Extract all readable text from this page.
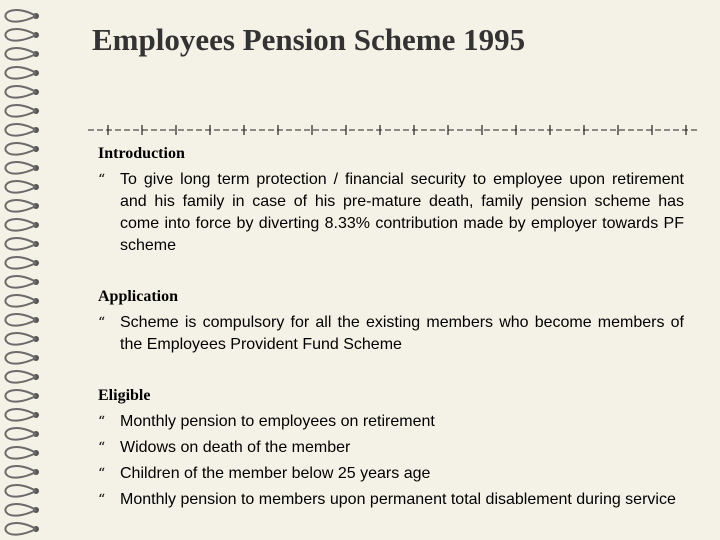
Employees Pension Scheme 1995
Introduction
“ To give long term protection / financial security to employee upon retirement and his family in case of his pre-mature death, family pension scheme has come into force by diverting 8.33% contribution made by employer towards PF scheme
Application
“ Scheme is compulsory for all the existing members who become members of the Employees Provident Fund Scheme
Eligible
“ Monthly pension to employees on retirement
“ Widows on death of the member
“ Children of the member below 25 years age
“ Monthly pension to members upon permanent total disablement during service
